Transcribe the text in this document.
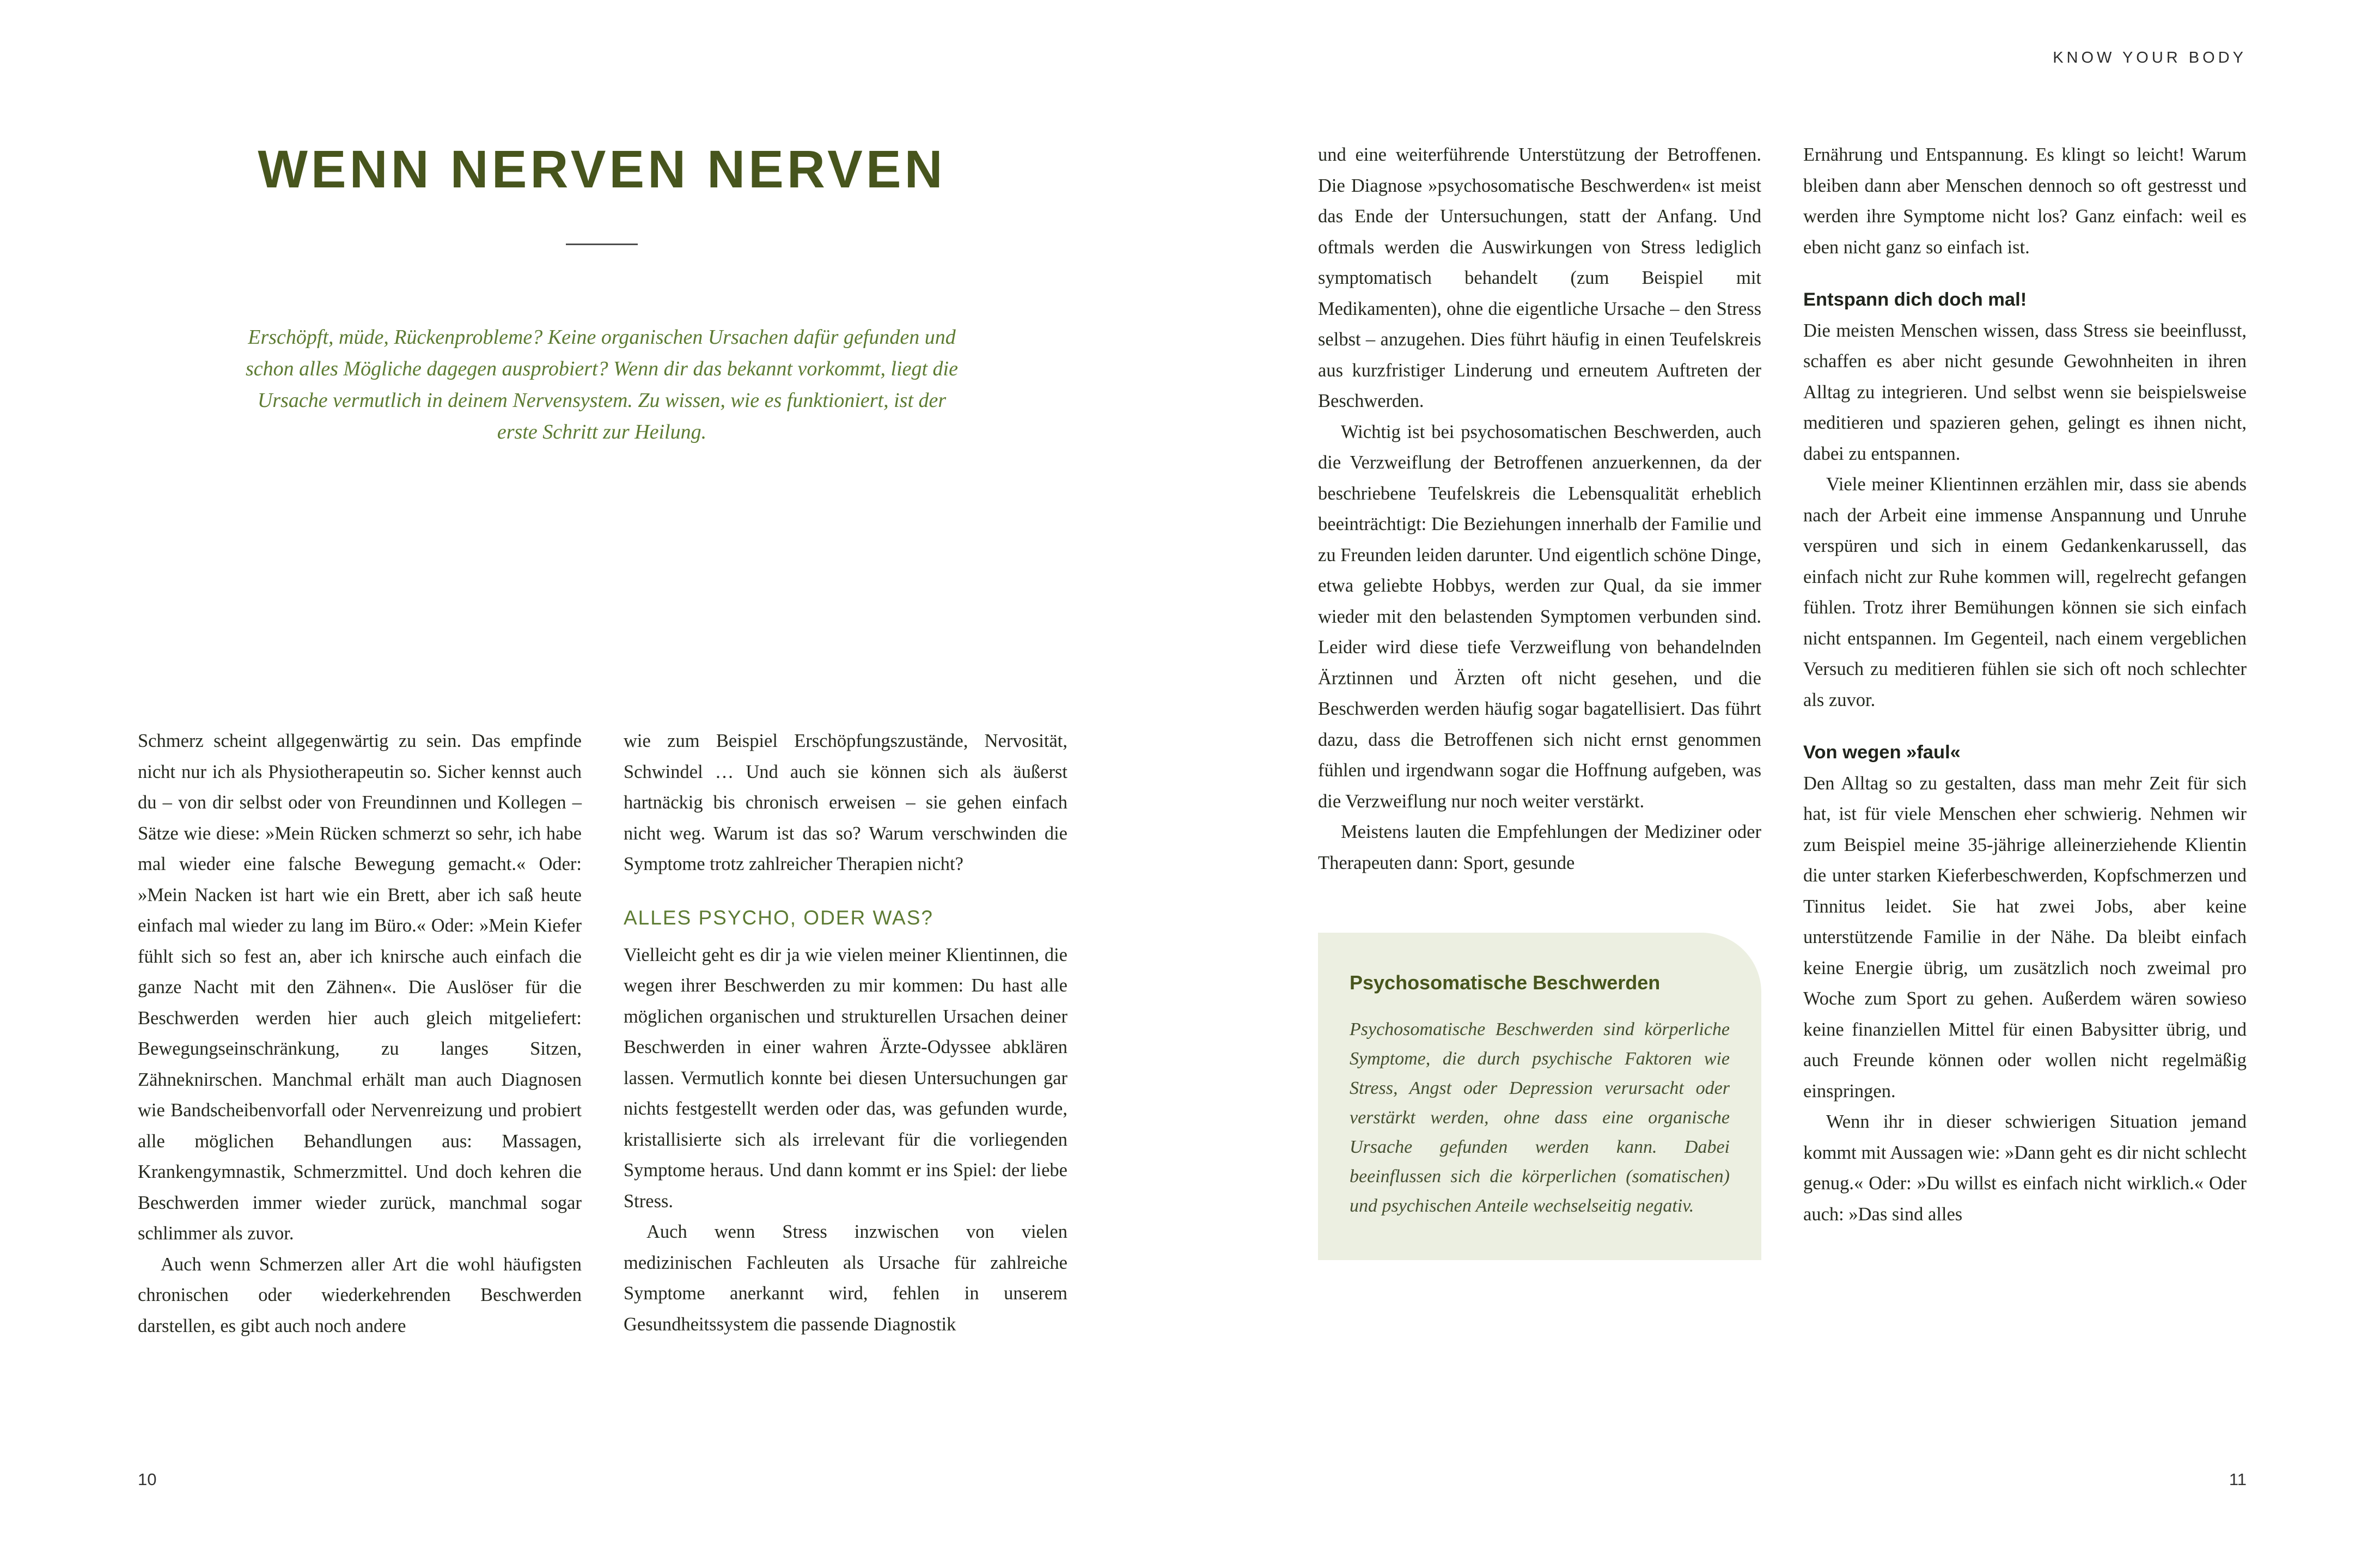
WENN NERVEN NERVEN

Erschöpft, müde, Rückenprobleme? Keine organischen Ursachen dafür gefunden und schon alles Mögliche dagegen ausprobiert? Wenn dir das bekannt vorkommt, liegt die Ursache vermutlich in deinem Nervensystem. Zu wissen, wie es funktioniert, ist der erste Schritt zur Heilung.

Schmerz scheint allgegenwärtig zu sein. Das empfinde nicht nur ich als Physiotherapeutin so. Sicher kennst auch du – von dir selbst oder von Freundinnen und Kollegen – Sätze wie diese: »Mein Rücken schmerzt so sehr, ich habe mal wieder eine falsche Bewegung gemacht.« Oder: »Mein Nacken ist hart wie ein Brett, aber ich saß heute einfach mal wieder zu lang im Büro.« Oder: »Mein Kiefer fühlt sich so fest an, aber ich knirsche auch einfach die ganze Nacht mit den Zähnen«. Die Auslöser für die Beschwerden werden hier auch gleich mitgeliefert: Bewegungseinschränkung, zu langes Sitzen, Zähneknirschen. Manchmal erhält man auch Diagnosen wie Bandscheibenvorfall oder Nervenreizung und probiert alle möglichen Behandlungen aus: Massagen, Krankengymnastik, Schmerzmittel. Und doch kehren die Beschwerden immer wieder zurück, manchmal sogar schlimmer als zuvor.

Auch wenn Schmerzen aller Art die wohl häufigsten chronischen oder wiederkehrenden Beschwerden darstellen, es gibt auch noch andere

wie zum Beispiel Erschöpfungszustände, Nervosität, Schwindel … Und auch sie können sich als äußerst hartnäckig bis chronisch erweisen – sie gehen einfach nicht weg. Warum ist das so? Warum verschwinden die Symptome trotz zahlreicher Therapien nicht?

ALLES PSYCHO, ODER WAS?

Vielleicht geht es dir ja wie vielen meiner Klientinnen, die wegen ihrer Beschwerden zu mir kommen: Du hast alle möglichen organischen und strukturellen Ursachen deiner Beschwerden in einer wahren Ärzte-Odyssee abklären lassen. Vermutlich konnte bei diesen Untersuchungen gar nichts festgestellt werden oder das, was gefunden wurde, kristallisierte sich als irrelevant für die vorliegenden Symptome heraus. Und dann kommt er ins Spiel: der liebe Stress.

Auch wenn Stress inzwischen von vielen medizinischen Fachleuten als Ursache für zahlreiche Symptome anerkannt wird, fehlen in unserem Gesundheitssystem die passende Diagnostik

10
KNOW YOUR BODY

und eine weiterführende Unterstützung der Betroffenen. Die Diagnose »psychosomatische Beschwerden« ist meist das Ende der Untersuchungen, statt der Anfang. Und oftmals werden die Auswirkungen von Stress lediglich symptomatisch behandelt (zum Beispiel mit Medikamenten), ohne die eigentliche Ursache – den Stress selbst – anzugehen. Dies führt häufig in einen Teufelskreis aus kurzfristiger Linderung und erneutem Auftreten der Beschwerden.

Wichtig ist bei psychosomatischen Beschwerden, auch die Verzweiflung der Betroffenen anzuerkennen, da der beschriebene Teufelskreis die Lebensqualität erheblich beeinträchtigt: Die Beziehungen innerhalb der Familie und zu Freunden leiden darunter. Und eigentlich schöne Dinge, etwa geliebte Hobbys, werden zur Qual, da sie immer wieder mit den belastenden Symptomen verbunden sind. Leider wird diese tiefe Verzweiflung von behandelnden Ärztinnen und Ärzten oft nicht gesehen, und die Beschwerden werden häufig sogar bagatellisiert. Das führt dazu, dass die Betroffenen sich nicht ernst genommen fühlen und irgendwann sogar die Hoffnung aufgeben, was die Verzweiflung nur noch weiter verstärkt.

Meistens lauten die Empfehlungen der Mediziner oder Therapeuten dann: Sport, gesunde

Psychosomatische Beschwerden

Psychosomatische Beschwerden sind körperliche Symptome, die durch psychische Faktoren wie Stress, Angst oder Depression verursacht oder verstärkt werden, ohne dass eine organische Ursache gefunden werden kann. Dabei beeinflussen sich die körperlichen (somatischen) und psychischen Anteile wechselseitig negativ.

Ernährung und Entspannung. Es klingt so leicht! Warum bleiben dann aber Menschen dennoch so oft gestresst und werden ihre Symptome nicht los? Ganz einfach: weil es eben nicht ganz so einfach ist.

Entspann dich doch mal!

Die meisten Menschen wissen, dass Stress sie beeinflusst, schaffen es aber nicht gesunde Gewohnheiten in ihren Alltag zu integrieren. Und selbst wenn sie beispielsweise meditieren und spazieren gehen, gelingt es ihnen nicht, dabei zu entspannen.

Viele meiner Klientinnen erzählen mir, dass sie abends nach der Arbeit eine immense Anspannung und Unruhe verspüren und sich in einem Gedankenkarussell, das einfach nicht zur Ruhe kommen will, regelrecht gefangen fühlen. Trotz ihrer Bemühungen können sie sich einfach nicht entspannen. Im Gegenteil, nach einem vergeblichen Versuch zu meditieren fühlen sie sich oft noch schlechter als zuvor.

Von wegen »faul«

Den Alltag so zu gestalten, dass man mehr Zeit für sich hat, ist für viele Menschen eher schwierig. Nehmen wir zum Beispiel meine 35-jährige alleinerziehende Klientin die unter starken Kieferbeschwerden, Kopfschmerzen und Tinnitus leidet. Sie hat zwei Jobs, aber keine unterstützende Familie in der Nähe. Da bleibt einfach keine Energie übrig, um zusätzlich noch zweimal pro Woche zum Sport zu gehen. Außerdem wären sowieso keine finanziellen Mittel für einen Babysitter übrig, und auch Freunde können oder wollen nicht regelmäßig einspringen.

Wenn ihr in dieser schwierigen Situation jemand kommt mit Aussagen wie: »Dann geht es dir nicht schlecht genug.« Oder: »Du willst es einfach nicht wirklich.« Oder auch: »Das sind alles

11
